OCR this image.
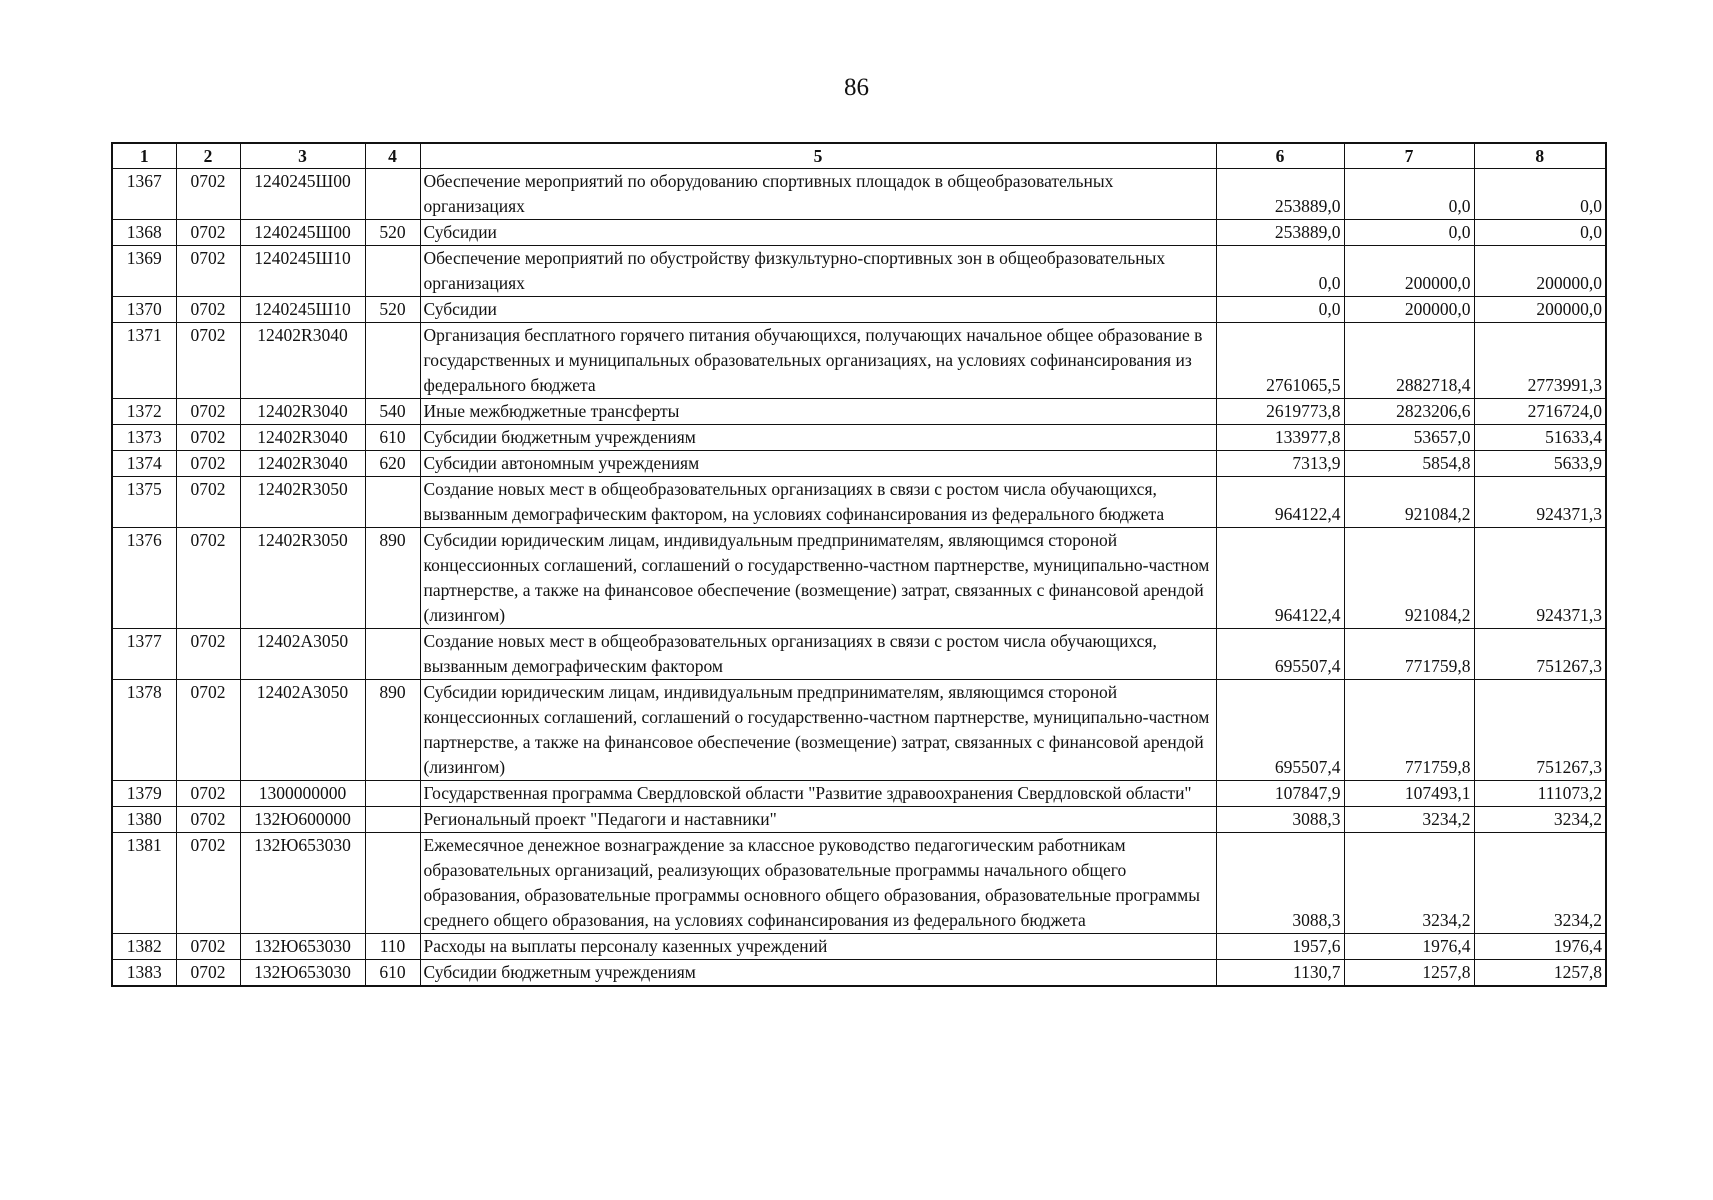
86
1	2	3	4	5	6	7	8
1367	0702	1240245Ш00		Обеспечение мероприятий по оборудованию спортивных площадок в общеобразовательных организациях	253889,0	0,0	0,0
1368	0702	1240245Ш00	520	Субсидии	253889,0	0,0	0,0
1369	0702	1240245Ш10		Обеспечение мероприятий по обустройству физкультурно-спортивных зон в общеобразовательных организациях	0,0	200000,0	200000,0
1370	0702	1240245Ш10	520	Субсидии	0,0	200000,0	200000,0
1371	0702	12402R3040		Организация бесплатного горячего питания обучающихся, получающих начальное общее образование в государственных и муниципальных образовательных организациях, на условиях софинансирования из федерального бюджета	2761065,5	2882718,4	2773991,3
1372	0702	12402R3040	540	Иные межбюджетные трансферты	2619773,8	2823206,6	2716724,0
1373	0702	12402R3040	610	Субсидии бюджетным учреждениям	133977,8	53657,0	51633,4
1374	0702	12402R3040	620	Субсидии автономным учреждениям	7313,9	5854,8	5633,9
1375	0702	12402R3050		Создание новых мест в общеобразовательных организациях в связи с ростом числа обучающихся, вызванным демографическим фактором, на условиях софинансирования из федерального бюджета	964122,4	921084,2	924371,3
1376	0702	12402R3050	890	Субсидии юридическим лицам, индивидуальным предпринимателям, являющимся стороной концессионных соглашений, соглашений о государственно-частном партнерстве, муниципально-частном партнерстве, а также на финансовое обеспечение (возмещение) затрат, связанных с финансовой арендой (лизингом)	964122,4	921084,2	924371,3
1377	0702	12402A3050		Создание новых мест в общеобразовательных организациях в связи с ростом числа обучающихся, вызванным демографическим фактором	695507,4	771759,8	751267,3
1378	0702	12402A3050	890	Субсидии юридическим лицам, индивидуальным предпринимателям, являющимся стороной концессионных соглашений, соглашений о государственно-частном партнерстве, муниципально-частном партнерстве, а также на финансовое обеспечение (возмещение) затрат, связанных с финансовой арендой (лизингом)	695507,4	771759,8	751267,3
1379	0702	1300000000		Государственная программа Свердловской области "Развитие здравоохранения Свердловской области"	107847,9	107493,1	111073,2
1380	0702	132Ю600000		Региональный проект "Педагоги и наставники"	3088,3	3234,2	3234,2
1381	0702	132Ю653030		Ежемесячное денежное вознаграждение за классное руководство педагогическим работникам образовательных организаций, реализующих образовательные программы начального общего образования, образовательные программы основного общего образования, образовательные программы среднего общего образования, на условиях софинансирования из федерального бюджета	3088,3	3234,2	3234,2
1382	0702	132Ю653030	110	Расходы на выплаты персоналу казенных учреждений	1957,6	1976,4	1976,4
1383	0702	132Ю653030	610	Субсидии бюджетным учреждениям	1130,7	1257,8	1257,8
